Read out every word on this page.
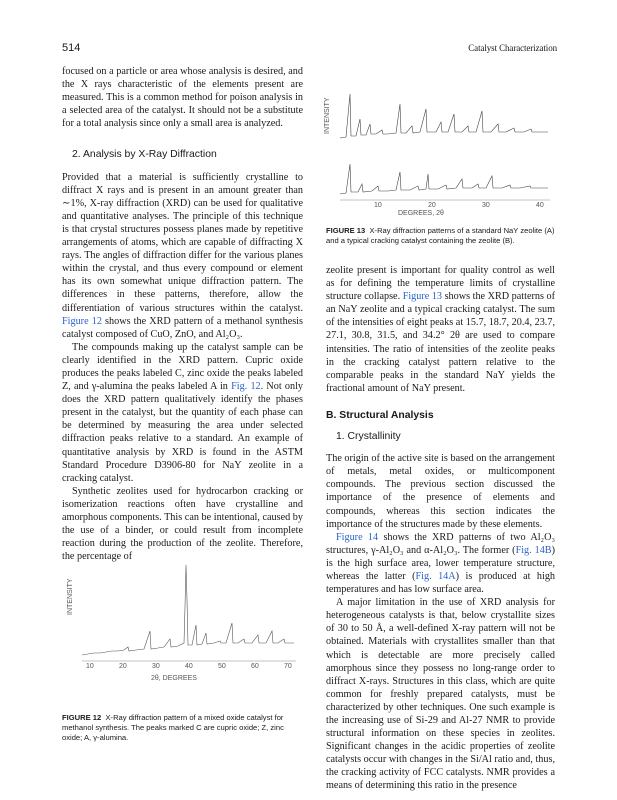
514	Catalyst Characterization

focused on a particle or area whose analysis is desired, and the X rays characteristic of the elements present are measured. This is a common method for poison analysis in a selected area of the catalyst. It should not be a substitute for a total analysis since only a small area is analyzed.

2. Analysis by X-Ray Diffraction

Provided that a material is sufficiently crystalline to diffract X rays and is present in an amount greater than ∼1%, X-ray diffraction (XRD) can be used for qualitative and quantitative analyses. The principle of this technique is that crystal structures possess planes made by repetitive arrangements of atoms, which are capable of diffracting X rays. The angles of diffraction differ for the various planes within the crystal, and thus every compound or element has its own somewhat unique diffraction pattern. The differences in these patterns, therefore, allow the differentiation of various structures within the catalyst. Figure 12 shows the XRD pattern of a methanol synthesis catalyst composed of CuO, ZnO, and Al₂O₃.

The compounds making up the catalyst sample can be clearly identified in the XRD pattern. Cupric oxide produces the peaks labeled C, zinc oxide the peaks labeled Z, and γ-alumina the peaks labeled A in Fig. 12. Not only does the XRD pattern qualitatively identify the phases present in the catalyst, but the quantity of each phase can be determined by measuring the area under selected diffraction peaks relative to a standard. An example of quantitative analysis by XRD is found in the ASTM Standard Procedure D3906-80 for NaY zeolite in a cracking catalyst.

Synthetic zeolites used for hydrocarbon cracking or isomerization reactions often have crystalline and amorphous components. This can be intentional, caused by the use of a binder, or could result from incomplete reaction during the production of the zeolite. Therefore, the percentage of

INTENSITY
10	20	30	40
DEGREES, 2θ
FIGURE 13 X-Ray diffraction patterns of a standard NaY zeolite (A) and a typical cracking catalyst containing the zeolite (B).

zeolite present is important for quality control as well as for defining the temperature limits of crystalline structure collapse. Figure 13 shows the XRD patterns of an NaY zeolite and a typical cracking catalyst. The sum of the intensities of eight peaks at 15.7, 18.7, 20.4, 23.7, 27.1, 30.8, 31.5, and 34.2° 2θ are used to compare intensities. The ratio of intensities of the zeolite peaks in the cracking catalyst pattern relative to the comparable peaks in the standard NaY yields the fractional amount of NaY present.

B. Structural Analysis
1. Crystallinity

The origin of the active site is based on the arrangement of metals, metal oxides, or multicomponent compounds. The previous section discussed the importance of the presence of elements and compounds, whereas this section indicates the importance of the structures made by these elements.

Figure 14 shows the XRD patterns of two Al₂O₃ structures, γ-Al₂O₃ and α-Al₂O₃. The former (Fig. 14B) is the high surface area, lower temperature structure, whereas the latter (Fig. 14A) is produced at high temperatures and has low surface area.

A major limitation in the use of XRD analysis for heterogeneous catalysts is that, below crystallite sizes of 30 to 50 Å, a well-defined X-ray pattern will not be obtained. Materials with crystallites smaller than that which is detectable are more precisely called amorphous since they possess no long-range order to diffract X-rays. Structures in this class, which are quite common for freshly prepared catalysts, must be characterized by other techniques. One such example is the increasing use of Si-29 and Al-27 NMR to provide structural information on these species in zeolites. Significant changes in the acidic properties of zeolite catalysts occur with changes in the Si/Al ratio and, thus, the cracking activity of FCC catalysts. NMR provides a means of determining this ratio in the presence

INTENSITY
10	20	30	40	50	60	70
2θ, DEGREES
FIGURE 12 X-Ray diffraction pattern of a mixed oxide catalyst for methanol synthesis. The peaks marked C are cupric oxide; Z, zinc oxide; A, γ-alumina.
